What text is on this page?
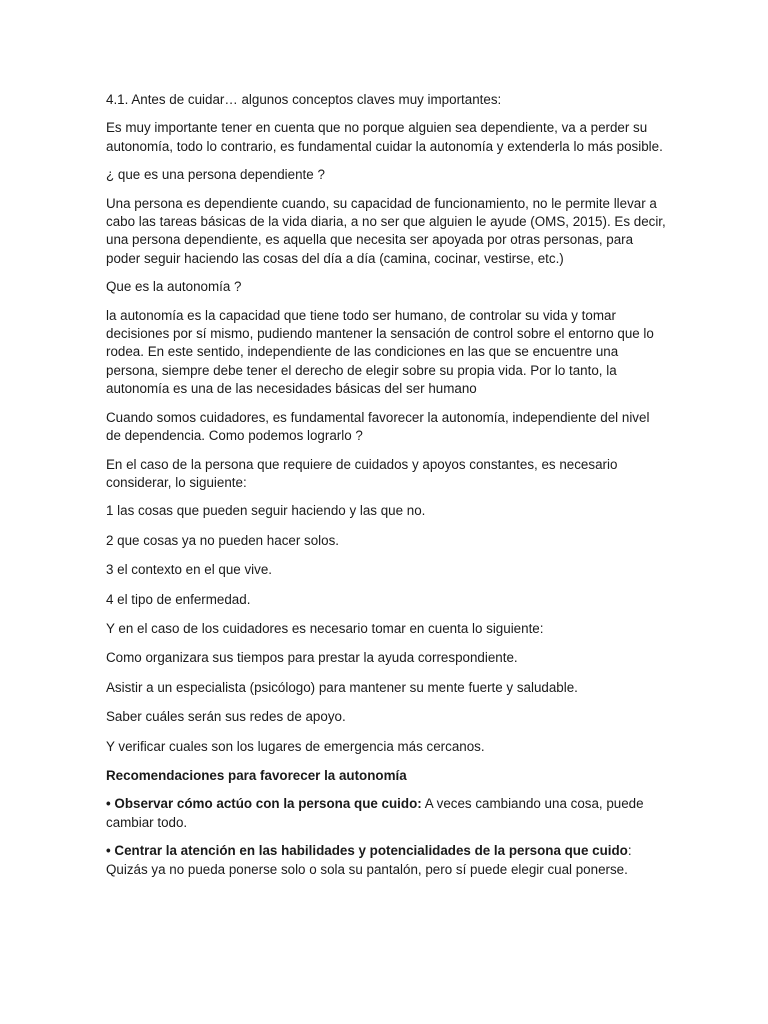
4.1. Antes de cuidar… algunos conceptos claves muy importantes:

Es muy importante tener en cuenta que no porque alguien sea dependiente, va a perder su autonomía, todo lo contrario, es fundamental cuidar la autonomía y extenderla lo más posible.

¿ que es una persona dependiente ?

Una persona es dependiente cuando, su capacidad de funcionamiento, no le permite llevar a cabo las tareas básicas de la vida diaria, a no ser que alguien le ayude (OMS, 2015). Es decir, una persona dependiente, es aquella que necesita ser apoyada por otras personas, para poder seguir haciendo las cosas del día a día (camina, cocinar, vestirse, etc.)

Que es la autonomía ?

la autonomía es la capacidad que tiene todo ser humano, de controlar su vida y tomar decisiones por sí mismo, pudiendo mantener la sensación de control sobre el entorno que lo rodea. En este sentido, independiente de las condiciones en las que se encuentre una persona, siempre debe tener el derecho de elegir sobre su propia vida. Por lo tanto, la autonomía es una de las necesidades básicas del ser humano

Cuando somos cuidadores, es fundamental favorecer la autonomía, independiente del nivel de dependencia. Como podemos lograrlo ?

En el caso de la persona que requiere de cuidados y apoyos constantes, es necesario considerar, lo siguiente:

1 las cosas que pueden seguir haciendo y las que no.

2 que cosas ya no pueden hacer solos.

3 el contexto en el que vive.

4 el tipo de enfermedad.

Y en el caso de los cuidadores es necesario tomar en cuenta lo siguiente:

Como organizara sus tiempos para prestar la ayuda correspondiente.

Asistir a un especialista (psicólogo) para mantener su mente fuerte y saludable.

Saber cuáles serán sus redes de apoyo.

Y verificar cuales son los lugares de emergencia más cercanos.

Recomendaciones para favorecer la autonomía

• Observar cómo actúo con la persona que cuido: A veces cambiando una cosa, puede cambiar todo.

• Centrar la atención en las habilidades y potencialidades de la persona que cuido: Quizás ya no pueda ponerse solo o sola su pantalón, pero sí puede elegir cual ponerse.
